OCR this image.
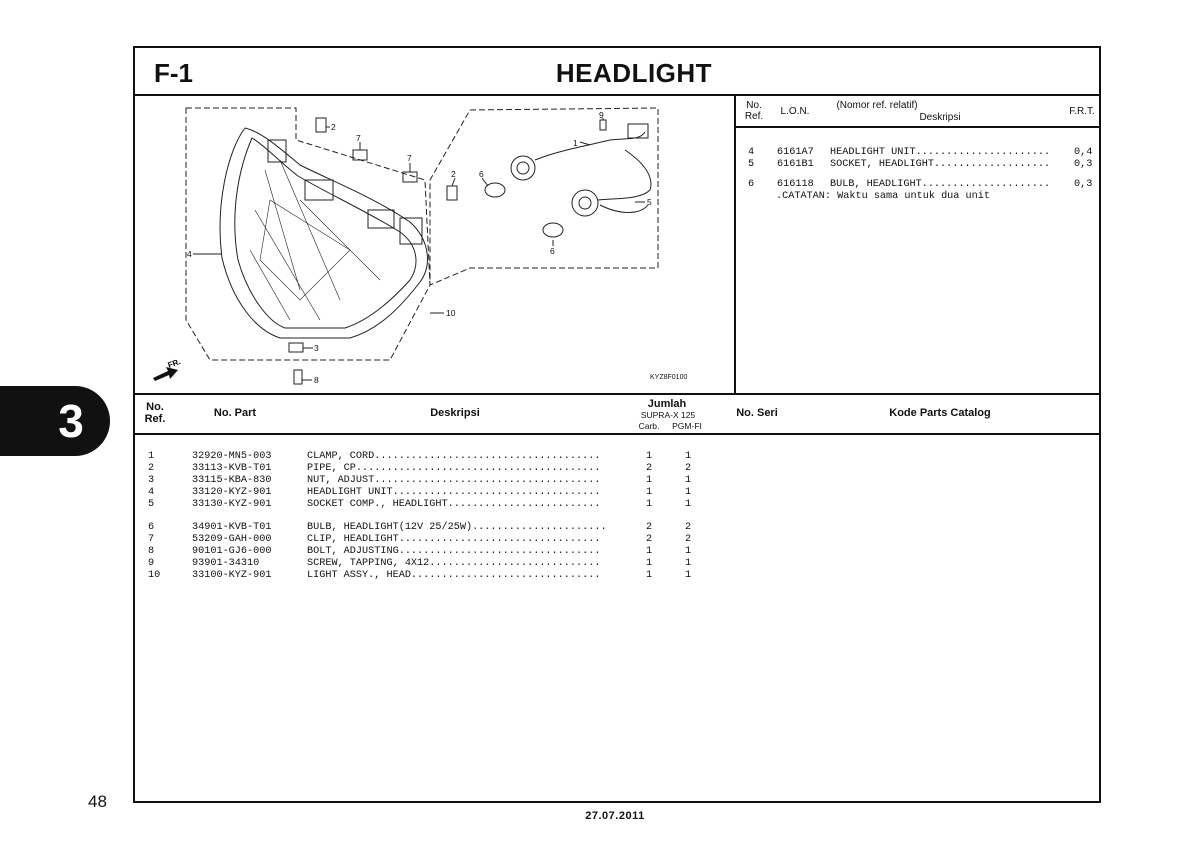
3
48
F-1	HEADLIGHT
FR.
1
2
2
3
4
5
6
6
7
7
8
9
10
KYZ8F0100
No.
Ref.	L.O.N.
(Nomor ref. relatif)
Deskripsi
F.R.T.
4 6161A7 HEADLIGHT UNIT...................... 0,4
5 6161B1 SOCKET, HEADLIGHT................... 0,3
6 616118 BULB, HEADLIGHT..................... 0,3
.CATATAN: Waktu sama untuk dua unit
No.
Ref.	No. Part	Deskripsi
Jumlah
SUPRA-X 125
Carb.	PGM-FI
No. Seri	Kode Parts Catalog
1	32920-MN5-003	CLAMP, CORD.....................................	1	1
2	33113-KVB-T01	PIPE, CP........................................	2	2
3	33115-KBA-830	NUT, ADJUST.....................................	1	1
4	33120-KYZ-901	HEADLIGHT UNIT..................................	1	1
5	33130-KYZ-901	SOCKET COMP., HEADLIGHT.........................	1	1
6	34901-KVB-T01	BULB, HEADLIGHT(12V 25/25W)......................	2	2
7	53209-GAH-000	CLIP, HEADLIGHT.................................	2	2
8	90101-GJ6-000	BOLT, ADJUSTING.................................	1	1
9	93901-34310	SCREW, TAPPING, 4X12............................	1	1
10	33100-KYZ-901	LIGHT ASSY., HEAD...............................	1	1
27.07.2011
